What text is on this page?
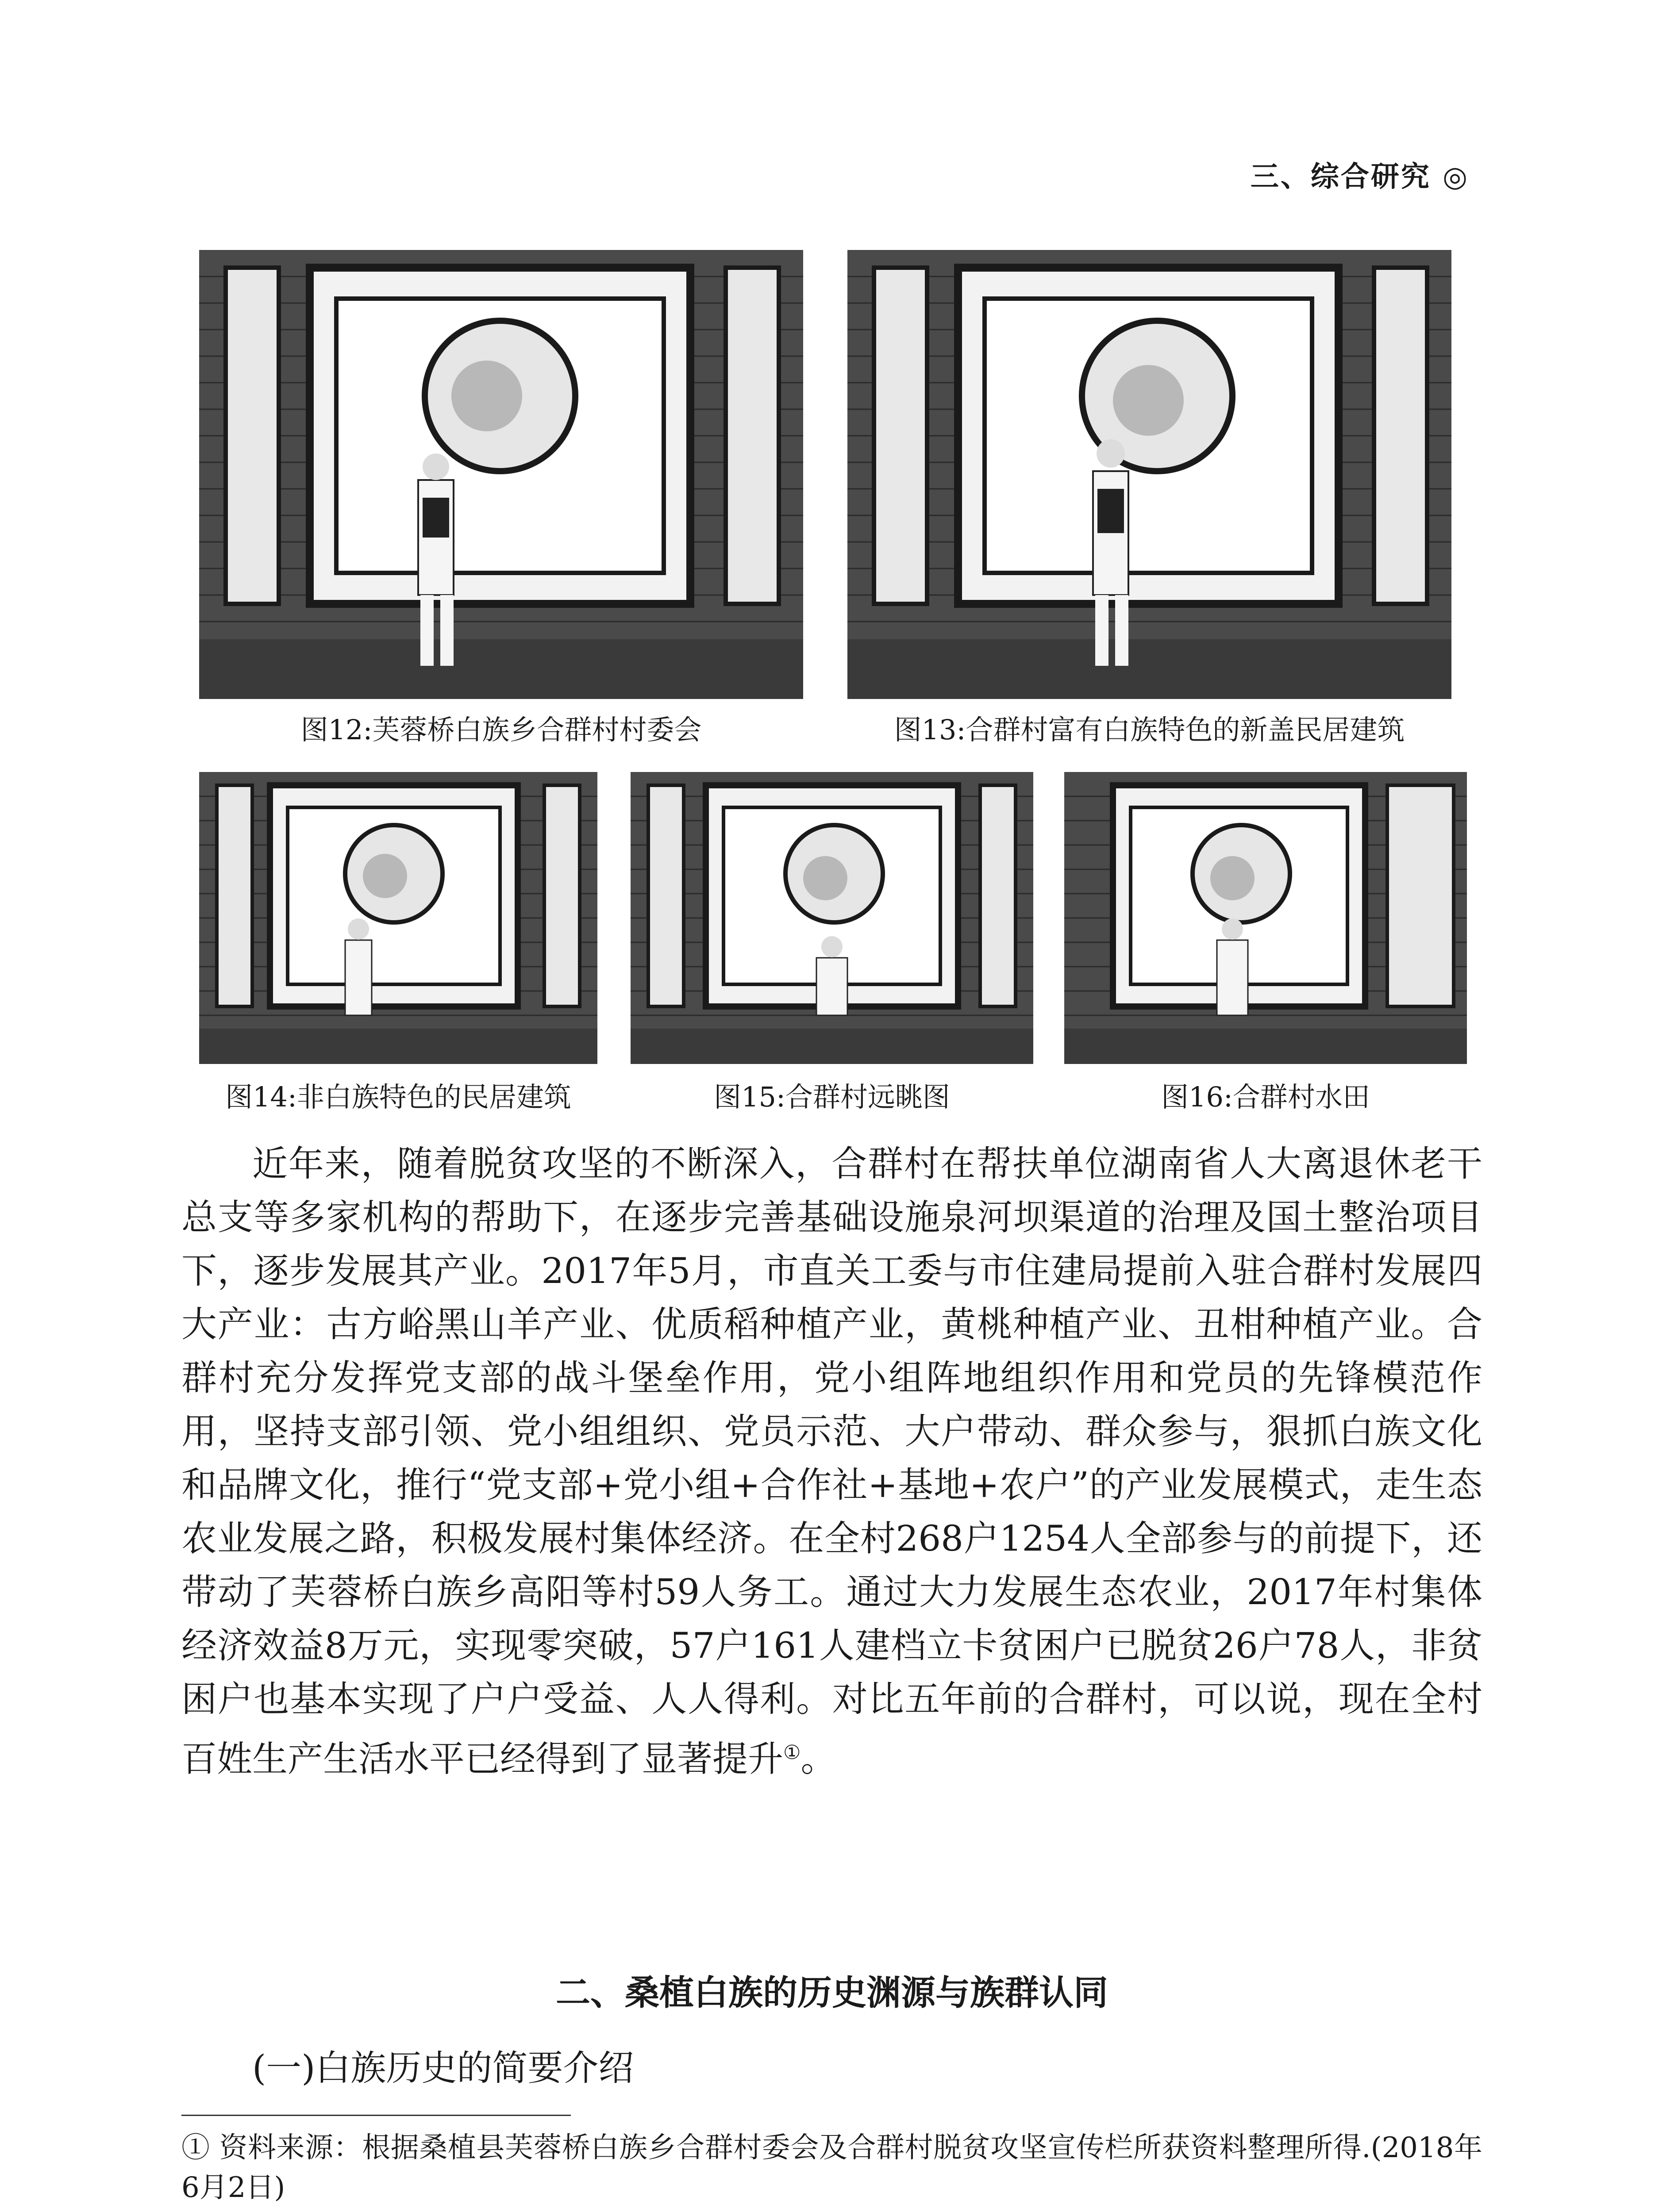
三、综合研究 ◎
图12:芙蓉桥白族乡合群村村委会	图13:合群村富有白族特色的新盖民居建筑
图14:非白族特色的民居建筑	图15:合群村远眺图	图16:合群村水田

近年来，随着脱贫攻坚的不断深入，合群村在帮扶单位湖南省人大离退休老干总支等多家机构的帮助下，在逐步完善基础设施泉河坝渠道的治理及国土整治项目下，逐步发展其产业。2017年5月，市直关工委与市住建局提前入驻合群村发展四大产业：古方峪黑山羊产业、优质稻种植产业，黄桃种植产业、丑柑种植产业。合群村充分发挥党支部的战斗堡垒作用，党小组阵地组织作用和党员的先锋模范作用，坚持支部引领、党小组组织、党员示范、大户带动、群众参与，狠抓白族文化和品牌文化，推行“党支部+党小组+合作社+基地+农户”的产业发展模式，走生态农业发展之路，积极发展村集体经济。在全村268户1254人全部参与的前提下，还带动了芙蓉桥白族乡高阳等村59人务工。通过大力发展生态农业，2017年村集体经济效益8万元，实现零突破，57户161人建档立卡贫困户已脱贫26户78人，非贫困户也基本实现了户户受益、人人得利。对比五年前的合群村，可以说，现在全村百姓生产生活水平已经得到了显著提升①。

二、桑植白族的历史渊源与族群认同
(一)白族历史的简要介绍
① 资料来源：根据桑植县芙蓉桥白族乡合群村委会及合群村脱贫攻坚宣传栏所获资料整理所得.(2018年6月2日)
